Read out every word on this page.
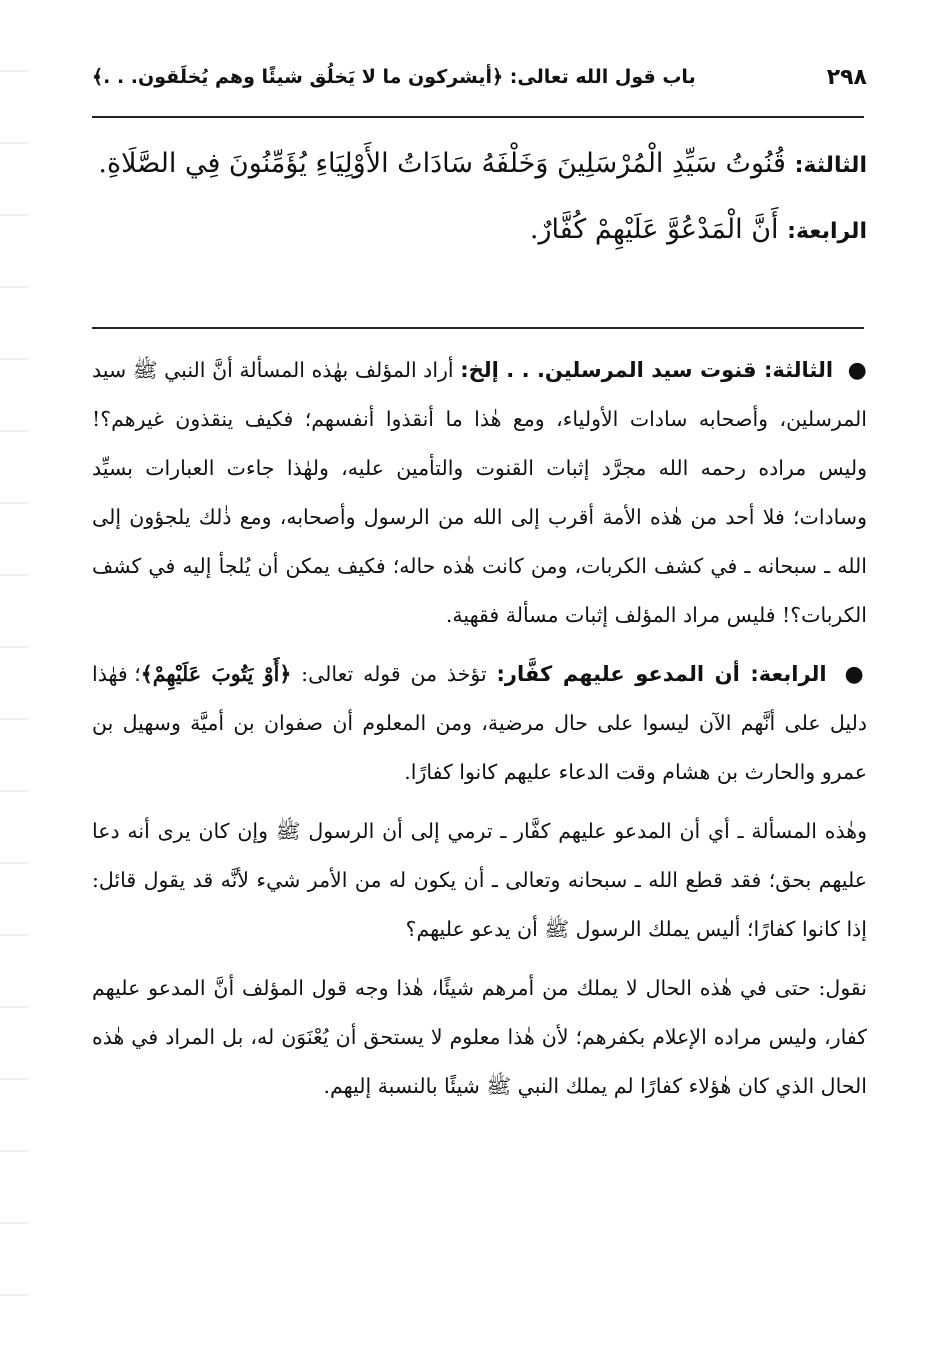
٢٩٨
باب قول الله تعالى: ﴿أيشركون ما لا يَخلُق شيئًا وهم يُخلَقون. . .﴾

الثالثة: قُنُوتُ سَيِّدِ الْمُرْسَلِينَ وَخَلْفَهُ سَادَاتُ الأَوْلِيَاءِ يُؤَمِّنُونَ فِي الصَّلَاةِ.

الرابعة: أَنَّ الْمَدْعُوَّ عَلَيْهِمْ كُفَّارٌ.

● الثالثة: قنوت سيد المرسلين. . . إلخ: أراد المؤلف بهٰذه المسألة أنَّ النبي ﷺ سيد المرسلين، وأصحابه سادات الأولياء، ومع هٰذا ما أنقذوا أنفسهم؛ فكيف ينقذون غيرهم؟! وليس مراده رحمه الله مجرَّد إثبات القنوت والتأمين عليه، ولهٰذا جاءت العبارات بسيِّد وسادات؛ فلا أحد من هٰذه الأمة أقرب إلى الله من الرسول وأصحابه، ومع ذٰلك يلجؤون إلى الله ـ سبحانه ـ في كشف الكربات، ومن كانت هٰذه حاله؛ فكيف يمكن أن يُلجأ إليه في كشف الكربات؟! فليس مراد المؤلف إثبات مسألة فقهية.

● الرابعة: أن المدعو عليهم كفَّار: تؤخذ من قوله تعالى: ﴿أَوْ يَتُوبَ عَلَيْهِمْ﴾؛ فهٰذا دليل على أنَّهم الآن ليسوا على حال مرضية، ومن المعلوم أن صفوان بن أميَّة وسهيل بن عمرو والحارث بن هشام وقت الدعاء عليهم كانوا كفارًا.

وهٰذه المسألة ـ أي أن المدعو عليهم كفَّار ـ ترمي إلى أن الرسول ﷺ وإن كان يرى أنه دعا عليهم بحق؛ فقد قطع الله ـ سبحانه وتعالى ـ أن يكون له من الأمر شيء لأنَّه قد يقول قائل: إذا كانوا كفارًا؛ أليس يملك الرسول ﷺ أن يدعو عليهم؟

نقول: حتى في هٰذه الحال لا يملك من أمرهم شيئًا، هٰذا وجه قول المؤلف أنَّ المدعو عليهم كفار، وليس مراده الإعلام بكفرهم؛ لأن هٰذا معلوم لا يستحق أن يُعْنَوَن له، بل المراد في هٰذه الحال الذي كان هٰؤلاء كفارًا لم يملك النبي ﷺ شيئًا بالنسبة إليهم.
